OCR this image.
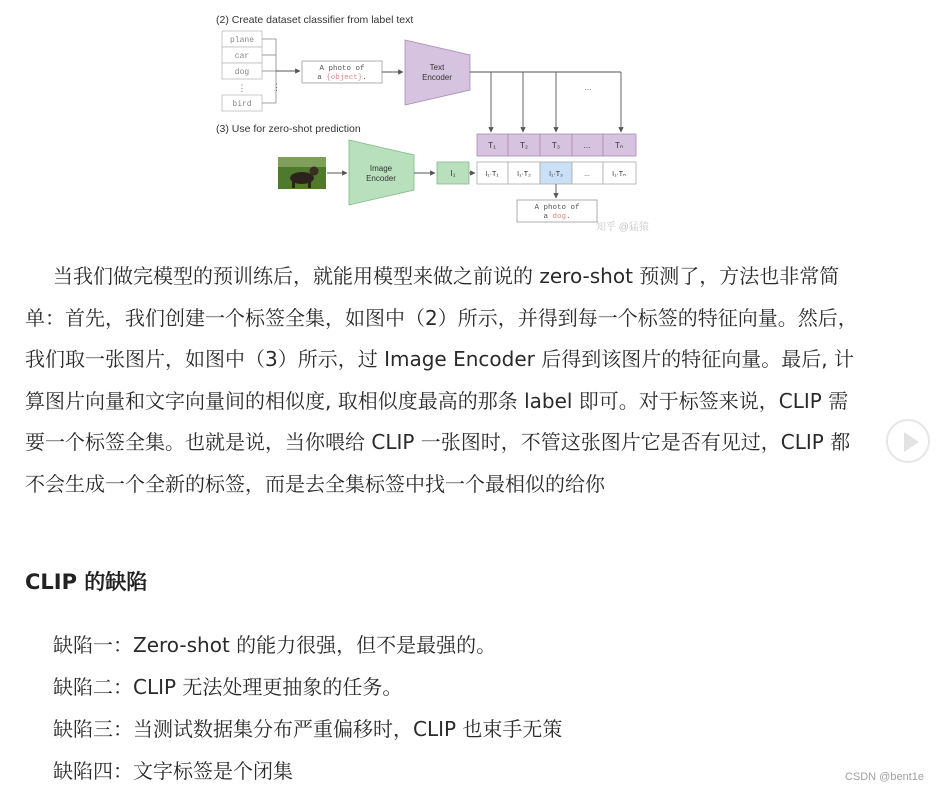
(2) Create dataset classifier from label text
plane
car
dog
⋮
bird
⋮
A photo of
a {object}.
Text
Encoder
...
(3) Use for zero-shot prediction
T₁	T₂	T₃	...	Tₙ
Image
Encoder
I₁	I₁·T₁	I₁·T₂	I₁·T₃	...	I₁·Tₙ
A photo of
a dog.
知乎 @猛猿

当我们做完模型的预训练后，就能用模型来做之前说的 zero-shot 预测了，方法也非常简单：首先，我们创建一个标签全集，如图中（2）所示，并得到每一个标签的特征向量。然后，我们取一张图片，如图中（3）所示，过 Image Encoder 后得到该图片的特征向量。最后, 计算图片向量和文字向量间的相似度, 取相似度最高的那条 label 即可。对于标签来说，CLIP 需要一个标签全集。也就是说，当你喂给 CLIP 一张图时，不管这张图片它是否有见过，CLIP 都不会生成一个全新的标签，而是去全集标签中找一个最相似的给你

CLIP 的缺陷
缺陷一：Zero-shot 的能力很强，但不是最强的。
缺陷二：CLIP 无法处理更抽象的任务。
缺陷三：当测试数据集分布严重偏移时，CLIP 也束手无策
缺陷四：文字标签是个闭集	CSDN @bent1e
